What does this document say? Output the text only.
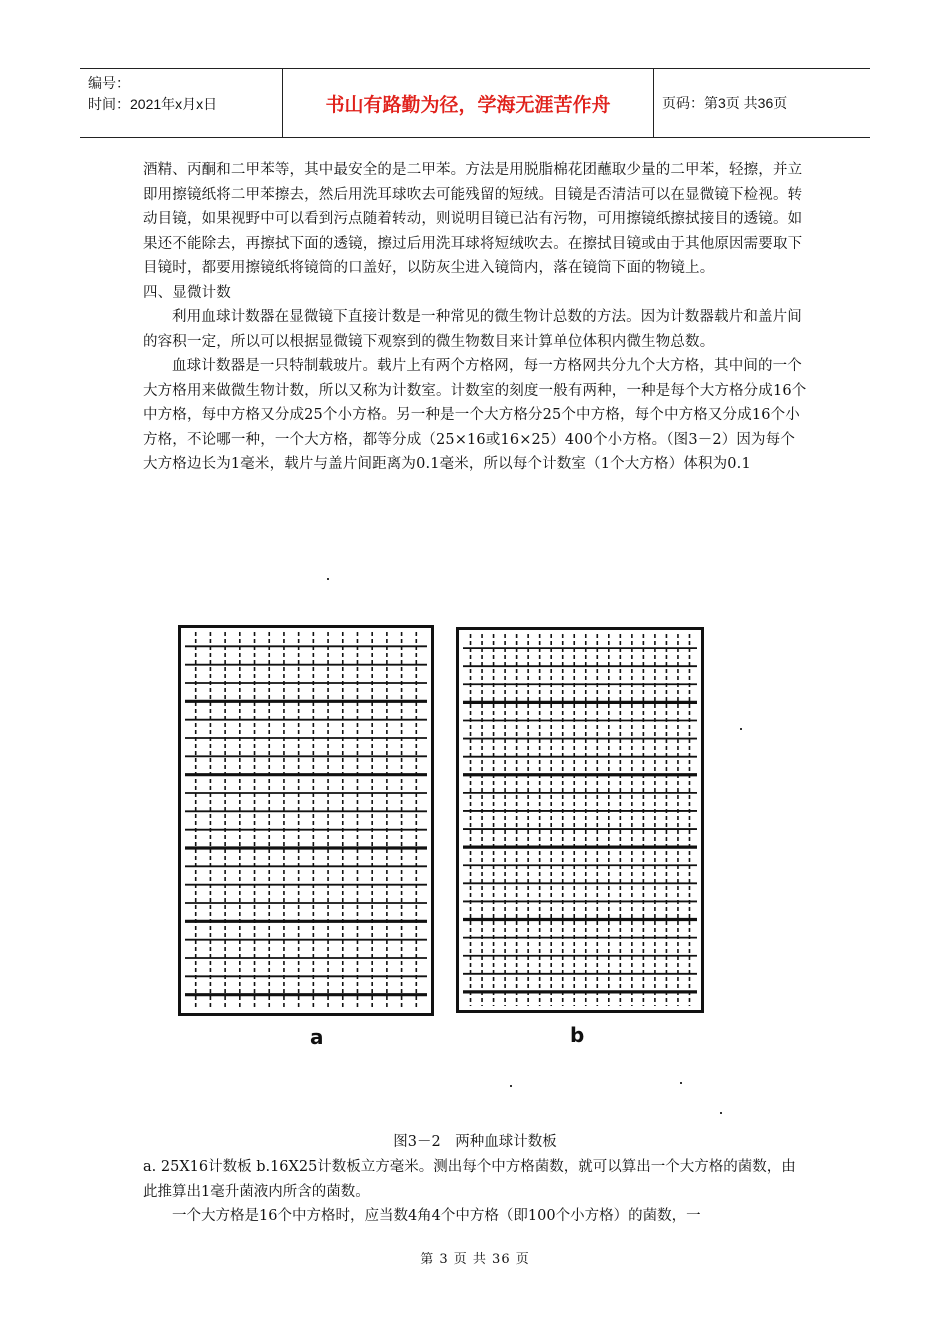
编号：
时间：2021年x月x日	书山有路勤为径，学海无涯苦作舟	页码：第3页 共36页

酒精、丙酮和二甲苯等，其中最安全的是二甲苯。方法是用脱脂棉花团蘸取少量的二甲苯，轻擦，并立即用擦镜纸将二甲苯擦去，然后用洗耳球吹去可能残留的短绒。目镜是否清洁可以在显微镜下检视。转动目镜，如果视野中可以看到污点随着转动，则说明目镜已沾有污物，可用擦镜纸擦拭接目的透镜。如果还不能除去，再擦拭下面的透镜，擦过后用洗耳球将短绒吹去。在擦拭目镜或由于其他原因需要取下目镜时，都要用擦镜纸将镜筒的口盖好，以防灰尘进入镜筒内，落在镜筒下面的物镜上。

四、显微计数

利用血球计数器在显微镜下直接计数是一种常见的微生物计总数的方法。因为计数器载片和盖片间的容积一定，所以可以根据显微镜下观察到的微生物数目来计算单位体积内微生物总数。

血球计数器是一只特制载玻片。载片上有两个方格网，每一方格网共分九个大方格，其中间的一个大方格用来做微生物计数，所以又称为计数室。计数室的刻度一般有两种，一种是每个大方格分成16个中方格，每中方格又分成25个小方格。另一种是一个大方格分25个中方格，每个中方格又分成16个小方格，不论哪一种，一个大方格，都等分成（25×16或16×25）400个小方格。（图3－2）因为每个大方格边长为1毫米，载片与盖片间距离为0.1毫米，所以每个计数室（1个大方格）体积为0.1

a	b
图3－2　两种血球计数板

a. 25X16计数板 b.16X25计数板立方毫米。测出每个中方格菌数，就可以算出一个大方格的菌数，由此推算出1毫升菌液内所含的菌数。

一个大方格是16个中方格时，应当数4角4个中方格（即100个小方格）的菌数，一

第 3 页 共 36 页
